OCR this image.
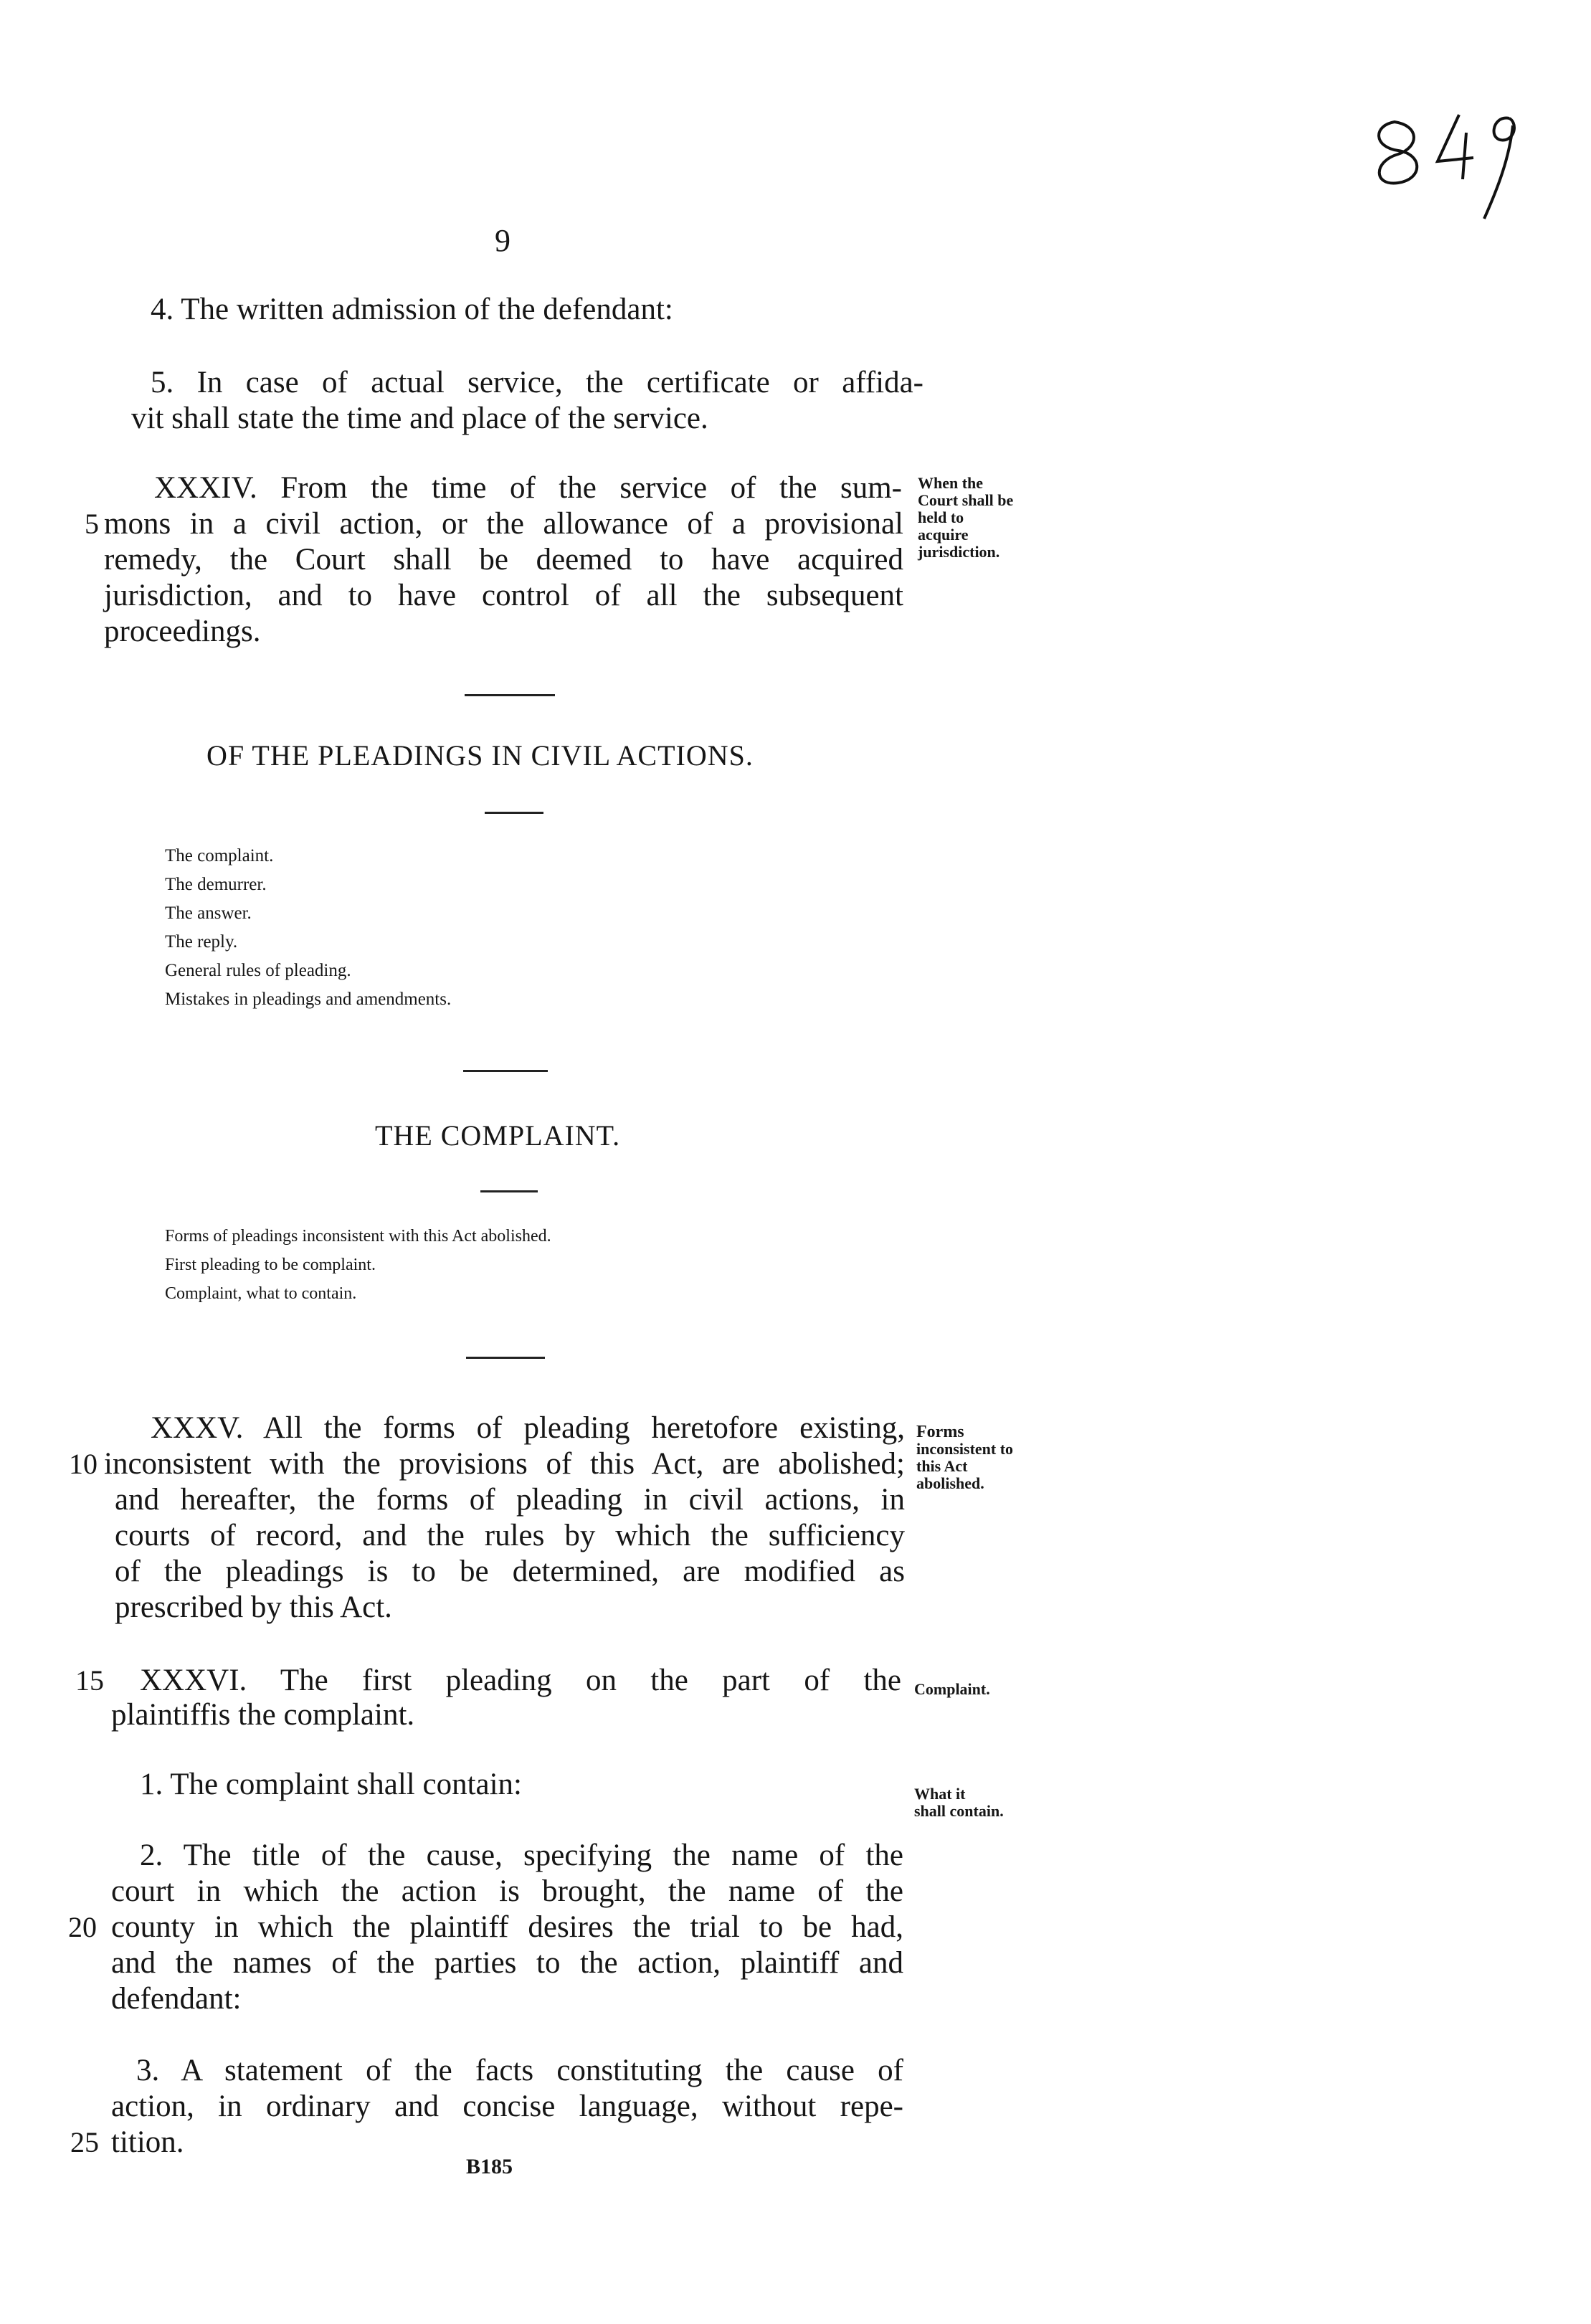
849
9
4. The written admission of the defendant:
5. In case of actual service, the certificate or affida-
vit shall state the time and place of the service.
XXXIV. From the time of the service of the sum-
5 mons in a civil action, or the allowance of a provisional
remedy, the Court shall be deemed to have acquired
jurisdiction, and to have control of all the subsequent
proceedings.
When the
Court shall be
held to
acquire
jurisdiction.
OF THE PLEADINGS IN CIVIL ACTIONS.
The complaint.
The demurrer.
The answer.
The reply.
General rules of pleading.
Mistakes in pleadings and amendments.
THE COMPLAINT.
Forms of pleadings inconsistent with this Act abolished.
First pleading to be complaint.
Complaint, what to contain.
XXXV. All the forms of pleading heretofore existing,
10 inconsistent with the provisions of this Act, are abolished;
and hereafter, the forms of pleading in civil actions, in
courts of record, and the rules by which the sufficiency
of the pleadings is to be determined, are modified as
prescribed by this Act.
Forms
inconsistent to
this Act
abolished.
15 XXXVI. The first pleading on the part of the
plaintiffis the complaint.
Complaint.
1. The complaint shall contain:	What it
shall contain.
2. The title of the cause, specifying the name of the
court in which the action is brought, the name of the
20 county in which the plaintiff desires the trial to be had,
and the names of the parties to the action, plaintiff and
defendant:
3. A statement of the facts constituting the cause of
action, in ordinary and concise language, without repe-
25 tition.
B185
